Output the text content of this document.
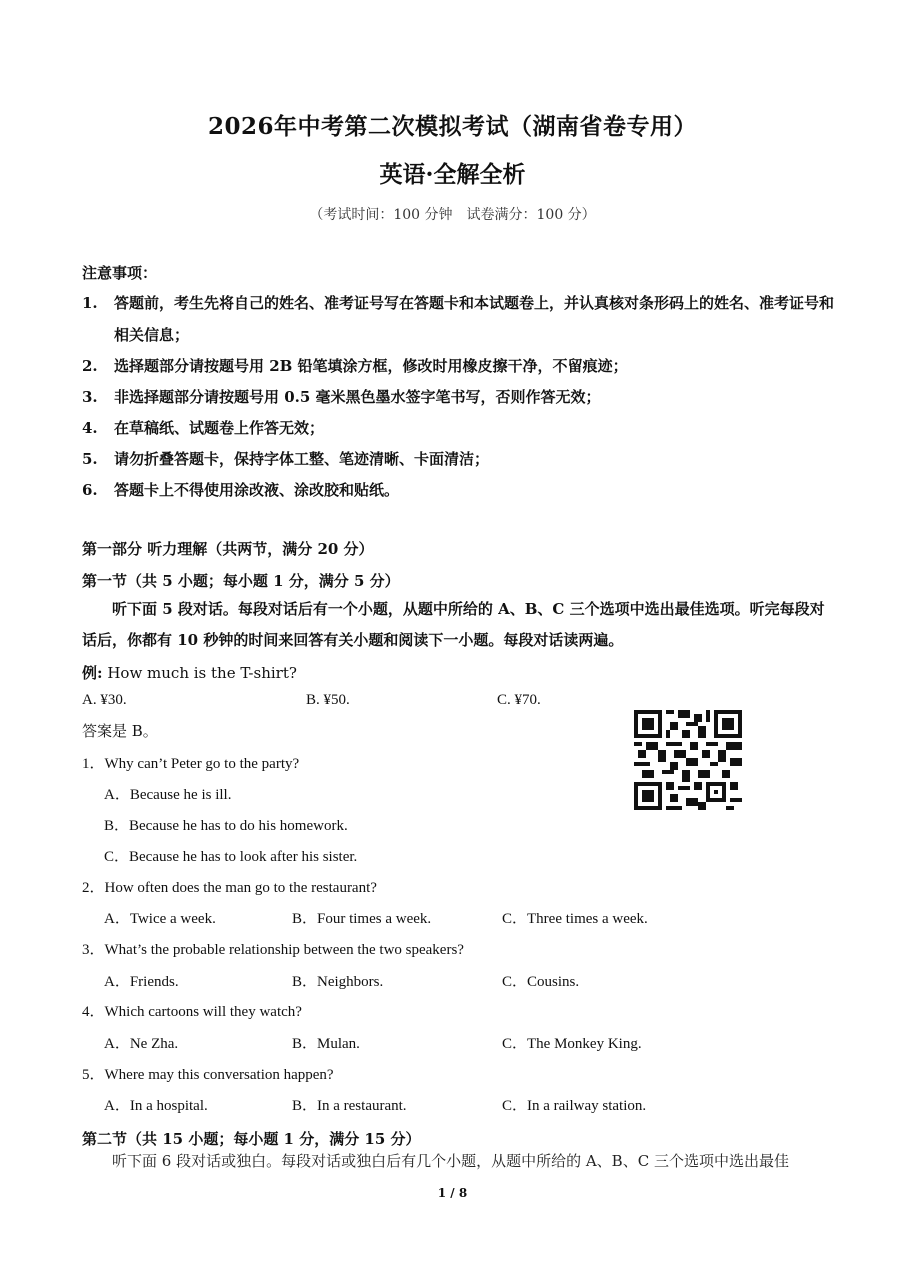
2026年中考第二次模拟考试（湖南省卷专用）
英语·全解全析
（考试时间：100 分钟　试卷满分：100 分）
注意事项：
1.	答题前，考生先将自己的姓名、准考证号写在答题卡和本试题卷上，并认真核对条形码上的姓名、准考证号和相关信息；
2.	选择题部分请按题号用 2B 铅笔填涂方框，修改时用橡皮擦干净，不留痕迹；
3.	非选择题部分请按题号用 0.5 毫米黑色墨水签字笔书写，否则作答无效；
4.	在草稿纸、试题卷上作答无效；
5.	请勿折叠答题卡，保持字体工整、笔迹清晰、卡面清洁；
6.	答题卡上不得使用涂改液、涂改胶和贴纸。
第一部分 听力理解（共两节，满分 20 分）
第一节（共 5 小题；每小题 1 分，满分 5 分）
听下面 5 段对话。每段对话后有一个小题，从题中所给的 A、B、C 三个选项中选出最佳选项。听完每段对话后，你都有 10 秒钟的时间来回答有关小题和阅读下一小题。每段对话读两遍。
例: How much is the T-shirt?
A. ¥30.	B. ¥50.	C. ¥70.
答案是 B。
1．Why can’t Peter go to the party?
A．Because he is ill.
B．Because he has to do his homework.
C．Because he has to look after his sister.
2．How often does the man go to the restaurant?
A．Twice a week.	B．Four times a week.	C．Three times a week.
3．What’s the probable relationship between the two speakers?
A．Friends.	B．Neighbors.	C．Cousins.
4．Which cartoons will they watch?
A．Ne Zha.	B．Mulan.	C．The Monkey King.
5．Where may this conversation happen?
A．In a hospital.	B．In a restaurant.	C．In a railway station.
第二节（共 15 小题；每小题 1 分，满分 15 分）
听下面 6 段对话或独白。每段对话或独白后有几个小题，从题中所给的 A、B、C 三个选项中选出最佳
1 / 8
